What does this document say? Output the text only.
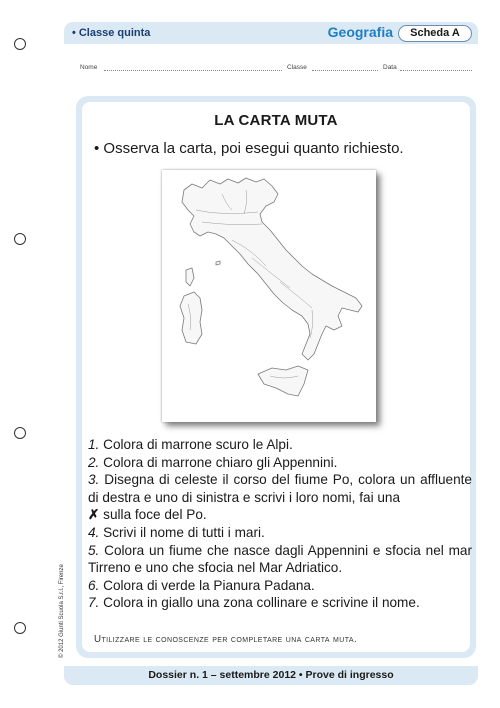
• Classe quinta	Geografia	Scheda A
Nome	Classe	Data
LA CARTA MUTA
• Osserva la carta, poi esegui quanto richiesto.
1. Colora di marrone scuro le Alpi.
2. Colora di marrone chiaro gli Appennini.
3. Disegna di celeste il corso del fiume Po, colora un affluente di destra e uno di sinistra e scrivi i loro nomi, fai una
✗ sulla foce del Po.
4. Scrivi il nome di tutti i mari.
5. Colora un fiume che nasce dagli Appennini e sfocia nel mar Tirreno e uno che sfocia nel Mar Adriatico.
6. Colora di verde la Pianura Padana.
7. Colora in giallo una zona collinare e scrivine il nome.
Utilizzare le conoscenze per completare una carta muta.
© 2012 Giunti Scuola S.r.l., Firenze
Dossier n. 1 – settembre 2012 • Prove di ingresso
